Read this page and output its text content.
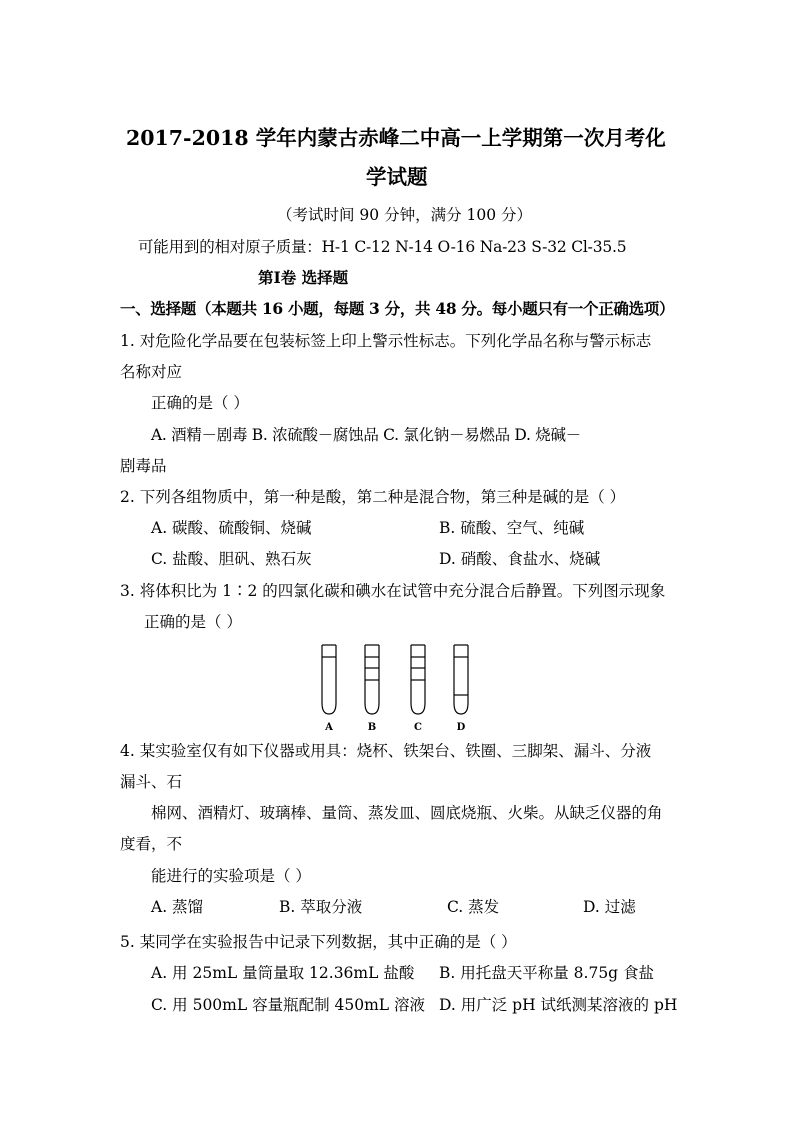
2017-2018 学年内蒙古赤峰二中高一上学期第一次月考化
学试题
（考试时间 90 分钟，满分 100 分）
可能用到的相对原子质量：H-1 C-12 N-14 O-16 Na-23 S-32 Cl-35.5
第Ⅰ卷 选择题
一、选择题（本题共 16 小题，每题 3 分，共 48 分。每小题只有一个正确选项）
1. 对危险化学品要在包装标签上印上警示性标志。下列化学品名称与警示标志
名称对应
正确的是（ ）
A. 酒精－剧毒 B. 浓硫酸－腐蚀品 C. 氯化钠－易燃品 D. 烧碱－
剧毒品
2. 下列各组物质中，第一种是酸，第二种是混合物，第三种是碱的是（ ）
A. 碳酸、硫酸铜、烧碱	B. 硫酸、空气、纯碱
C. 盐酸、胆矾、熟石灰	D. 硝酸、食盐水、烧碱
3. 将体积比为 1∶2 的四氯化碳和碘水在试管中充分混合后静置。下列图示现象
正确的是（ ）
A	B	C	D
4. 某实验室仅有如下仪器或用具：烧杯、铁架台、铁圈、三脚架、漏斗、分液
漏斗、石
棉网、酒精灯、玻璃棒、量筒、蒸发皿、圆底烧瓶、火柴。从缺乏仪器的角
度看，不
能进行的实验项是（ ）
A. 蒸馏	B. 萃取分液	C. 蒸发	D. 过滤
5. 某同学在实验报告中记录下列数据，其中正确的是（ ）
A. 用 25mL 量筒量取 12.36mL 盐酸 B. 用托盘天平称量 8.75g 食盐
C. 用 500mL 容量瓶配制 450mL 溶液 D. 用广泛 pH 试纸测某溶液的 pH
